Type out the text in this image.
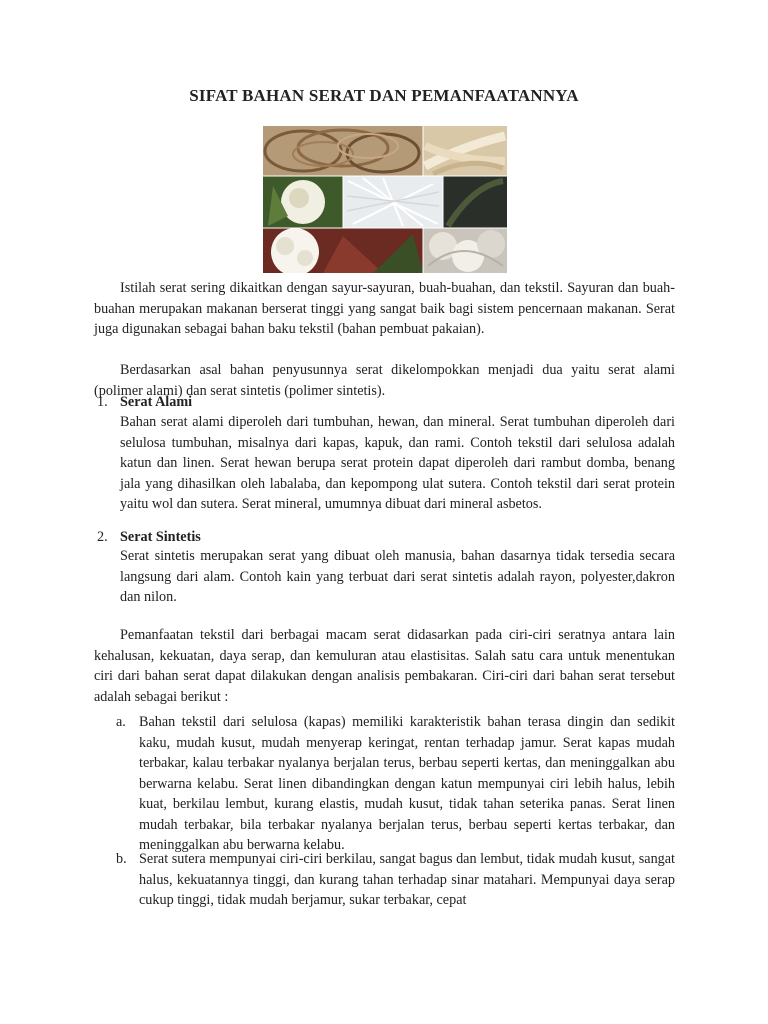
SIFAT BAHAN SERAT DAN PEMANFAATANNYA

Istilah serat sering dikaitkan dengan sayur-sayuran, buah-buahan, dan tekstil. Sayuran dan buah-buahan merupakan makanan berserat tinggi yang sangat baik bagi sistem pencernaan makanan. Serat juga digunakan sebagai bahan baku tekstil (bahan pembuat pakaian).

Berdasarkan asal bahan penyusunnya serat dikelompokkan menjadi dua yaitu serat alami (polimer alami) dan serat sintetis (polimer sintetis).

1. Serat Alami

Bahan serat alami diperoleh dari tumbuhan, hewan, dan mineral. Serat tumbuhan diperoleh dari selulosa tumbuhan, misalnya dari kapas, kapuk, dan rami. Contoh tekstil dari selulosa adalah katun dan linen. Serat hewan berupa serat protein dapat diperoleh dari rambut domba, benang jala yang dihasilkan oleh labalaba, dan kepompong ulat sutera. Contoh tekstil dari serat protein yaitu wol dan sutera. Serat mineral, umumnya dibuat dari mineral asbetos.

2. Serat Sintetis

Serat sintetis merupakan serat yang dibuat oleh manusia, bahan dasarnya tidak tersedia secara langsung dari alam. Contoh kain yang terbuat dari serat sintetis adalah rayon, polyester,dakron dan nilon.

Pemanfaatan tekstil dari berbagai macam serat didasarkan pada ciri-ciri seratnya antara lain kehalusan, kekuatan, daya serap, dan kemuluran atau elastisitas. Salah satu cara untuk menentukan ciri dari bahan serat dapat dilakukan dengan analisis pembakaran. Ciri-ciri dari bahan serat tersebut adalah sebagai berikut :

a. Bahan tekstil dari selulosa (kapas) memiliki karakteristik bahan terasa dingin dan sedikit kaku, mudah kusut, mudah menyerap keringat, rentan terhadap jamur. Serat kapas mudah terbakar, kalau terbakar nyalanya berjalan terus, berbau seperti kertas, dan meninggalkan abu berwarna kelabu. Serat linen dibandingkan dengan katun mempunyai ciri lebih halus, lebih kuat, berkilau lembut, kurang elastis, mudah kusut, tidak tahan seterika panas. Serat linen mudah terbakar, bila terbakar nyalanya berjalan terus, berbau seperti kertas terbakar, dan meninggalkan abu berwarna kelabu.

b. Serat sutera mempunyai ciri-ciri berkilau, sangat bagus dan lembut, tidak mudah kusut, sangat halus, kekuatannya tinggi, dan kurang tahan terhadap sinar matahari. Mempunyai daya serap cukup tinggi, tidak mudah berjamur, sukar terbakar, cepat
